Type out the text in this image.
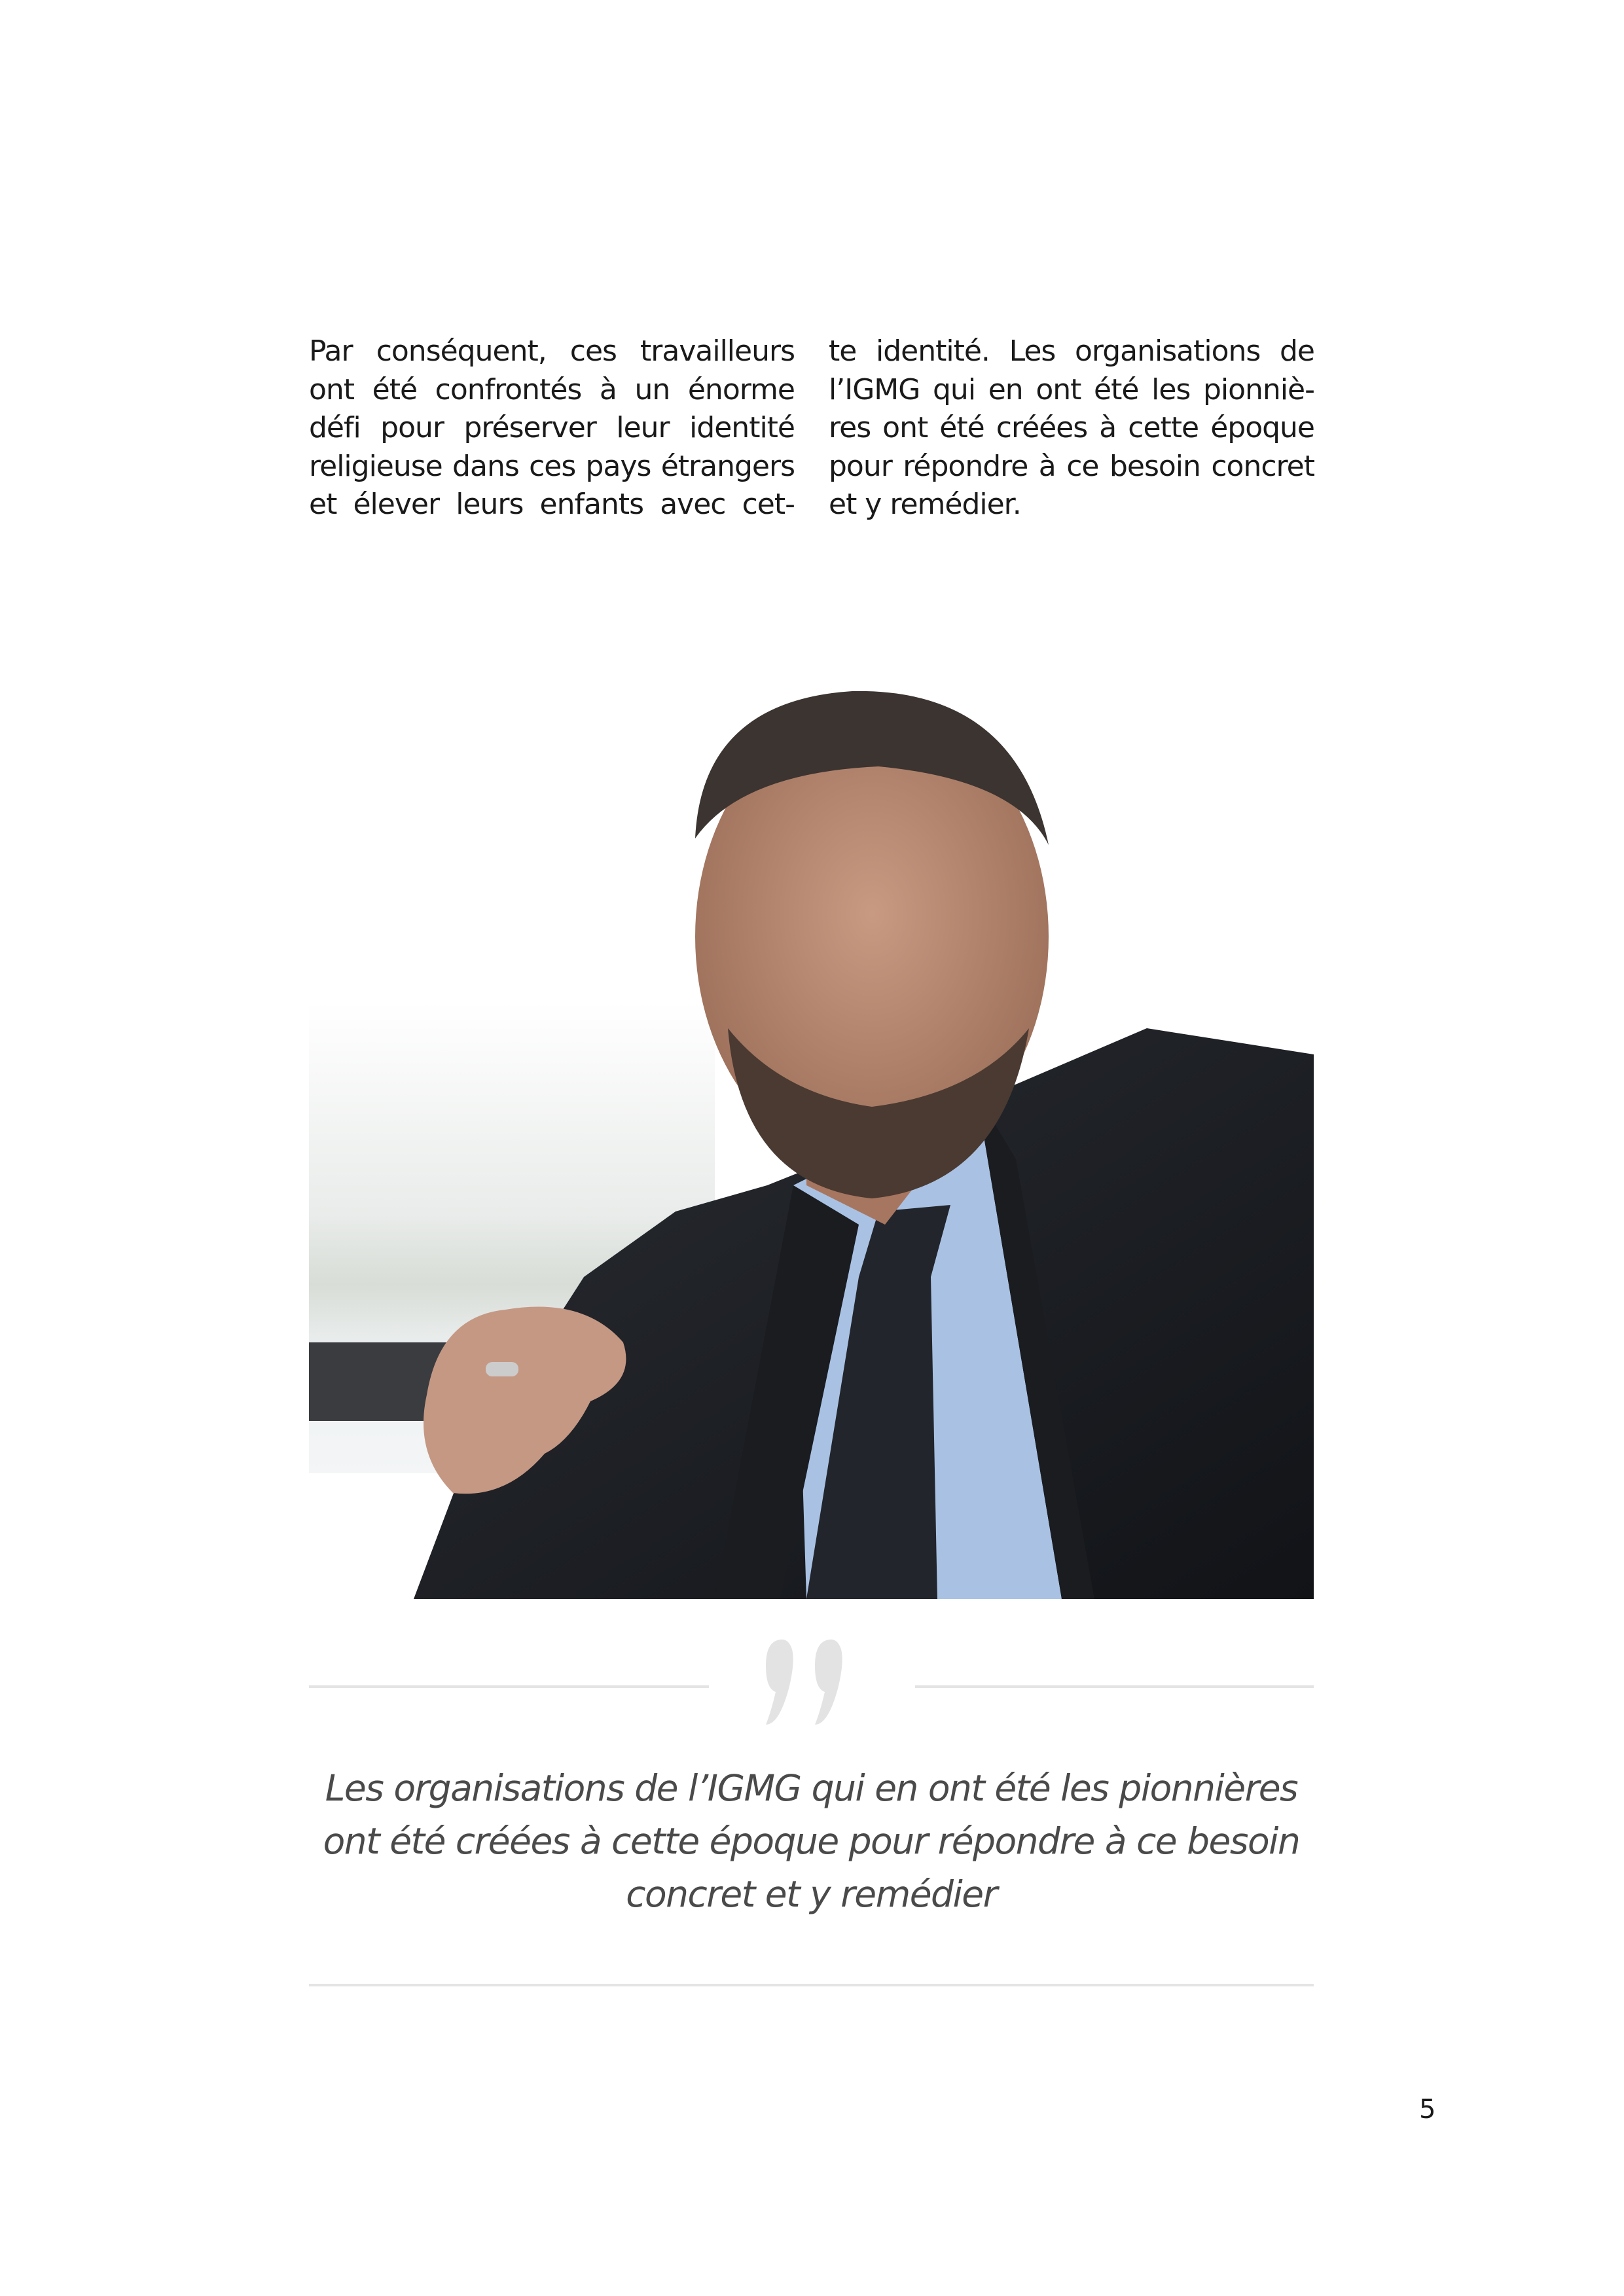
Par conséquent, ces travailleurs
ont été confrontés à un énorme
défi pour préserver leur identité
religieuse dans ces pays étrangers
et élever leurs enfants avec cet-
te identité. Les organisations de
l’IGMG qui en ont été les pionniè-
res ont été créées à cette époque
pour répondre à ce besoin concret
et y remédier.
Les organisations de l’IGMG qui en ont été les pionnières
ont été créées à cette époque pour répondre à ce besoin
concret et y remédier
5
